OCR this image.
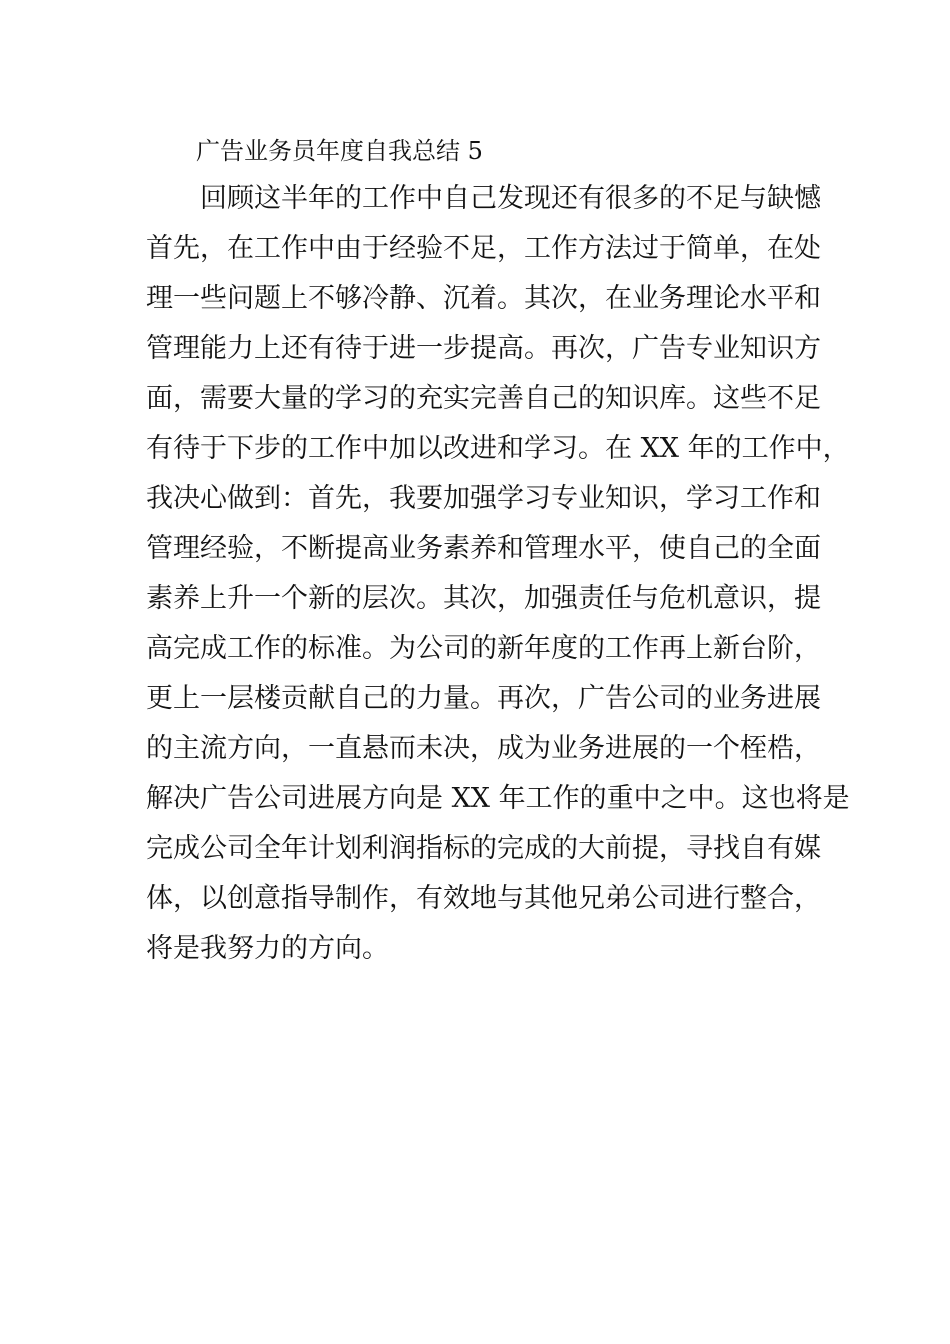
广告业务员年度自我总结 5
回顾这半年的工作中自己发现还有很多的不足与缺憾
首先，在工作中由于经验不足，工作方法过于简单，在处
理一些问题上不够冷静、沉着。其次，在业务理论水平和
管理能力上还有待于进一步提高。再次，广告专业知识方
面，需要大量的学习的充实完善自己的知识库。这些不足
有待于下步的工作中加以改进和学习。在 XX 年的工作中，
我决心做到：首先，我要加强学习专业知识，学习工作和
管理经验，不断提高业务素养和管理水平，使自己的全面
素养上升一个新的层次。其次，加强责任与危机意识，提
高完成工作的标准。为公司的新年度的工作再上新台阶，
更上一层楼贡献自己的力量。再次，广告公司的业务进展
的主流方向，一直悬而未决，成为业务进展的一个桎梏，
解决广告公司进展方向是 XX 年工作的重中之中。这也将是
完成公司全年计划利润指标的完成的大前提，寻找自有媒
体，以创意指导制作，有效地与其他兄弟公司进行整合，
将是我努力的方向。
